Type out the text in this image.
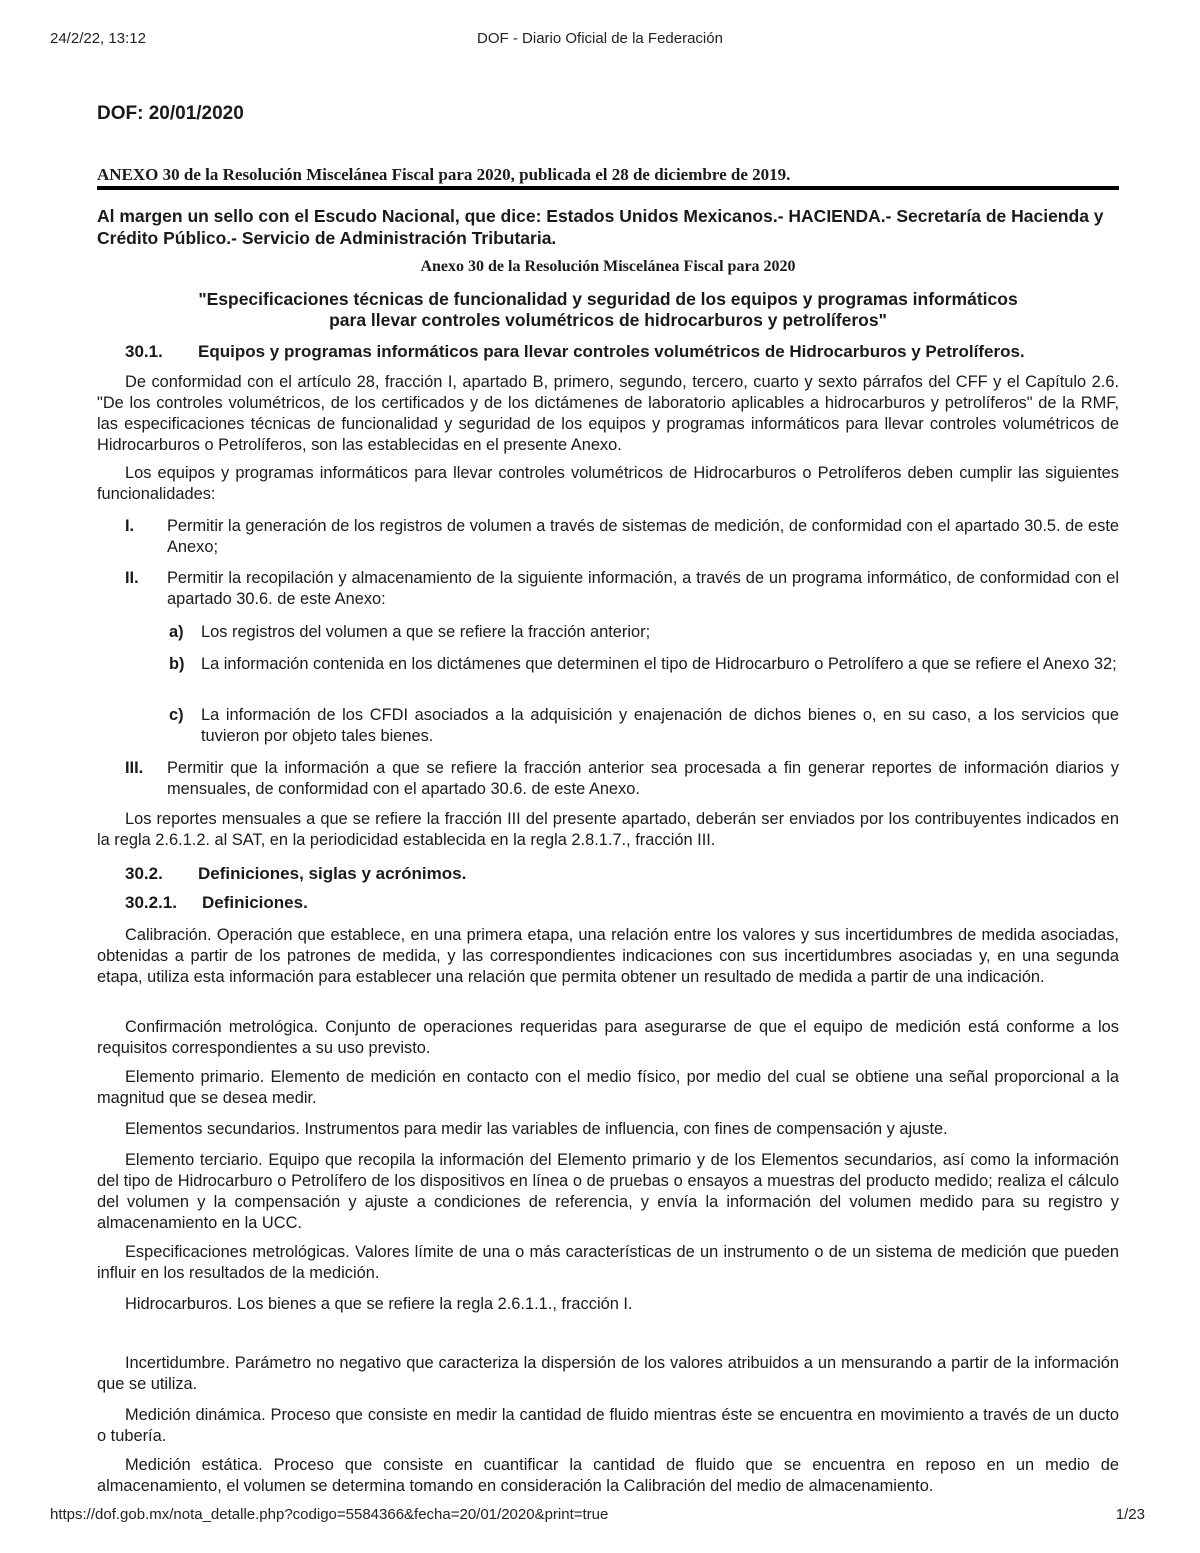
24/2/22, 13:12	DOF - Diario Oficial de la Federación
DOF: 20/01/2020
ANEXO 30 de la Resolución Miscelánea Fiscal para 2020, publicada el 28 de diciembre de 2019.
Al margen un sello con el Escudo Nacional, que dice: Estados Unidos Mexicanos.- HACIENDA.- Secretaría de Hacienda y Crédito Público.- Servicio de Administración Tributaria.
Anexo 30 de la Resolución Miscelánea Fiscal para 2020
"Especificaciones técnicas de funcionalidad y seguridad de los equipos y programas informáticos
para llevar controles volumétricos de hidrocarburos y petrolíferos"
30.1. Equipos y programas informáticos para llevar controles volumétricos de Hidrocarburos y Petrolíferos.
De conformidad con el artículo 28, fracción I, apartado B, primero, segundo, tercero, cuarto y sexto párrafos del CFF y el Capítulo 2.6. "De los controles volumétricos, de los certificados y de los dictámenes de laboratorio aplicables a hidrocarburos y petrolíferos" de la RMF, las especificaciones técnicas de funcionalidad y seguridad de los equipos y programas informáticos para llevar controles volumétricos de Hidrocarburos o Petrolíferos, son las establecidas en el presente Anexo.
Los equipos y programas informáticos para llevar controles volumétricos de Hidrocarburos o Petrolíferos deben cumplir las siguientes funcionalidades:
I. Permitir la generación de los registros de volumen a través de sistemas de medición, de conformidad con el apartado 30.5. de este Anexo;
II. Permitir la recopilación y almacenamiento de la siguiente información, a través de un programa informático, de conformidad con el apartado 30.6. de este Anexo:
a) Los registros del volumen a que se refiere la fracción anterior;
b) La información contenida en los dictámenes que determinen el tipo de Hidrocarburo o Petrolífero a que se refiere el Anexo 32;
c) La información de los CFDI asociados a la adquisición y enajenación de dichos bienes o, en su caso, a los servicios que tuvieron por objeto tales bienes.
III. Permitir que la información a que se refiere la fracción anterior sea procesada a fin generar reportes de información diarios y mensuales, de conformidad con el apartado 30.6. de este Anexo.
Los reportes mensuales a que se refiere la fracción III del presente apartado, deberán ser enviados por los contribuyentes indicados en la regla 2.6.1.2. al SAT, en la periodicidad establecida en la regla 2.8.1.7., fracción III.
30.2. Definiciones, siglas y acrónimos.
30.2.1. Definiciones.
Calibración. Operación que establece, en una primera etapa, una relación entre los valores y sus incertidumbres de medida asociadas, obtenidas a partir de los patrones de medida, y las correspondientes indicaciones con sus incertidumbres asociadas y, en una segunda etapa, utiliza esta información para establecer una relación que permita obtener un resultado de medida a partir de una indicación.
Confirmación metrológica. Conjunto de operaciones requeridas para asegurarse de que el equipo de medición está conforme a los requisitos correspondientes a su uso previsto.
Elemento primario. Elemento de medición en contacto con el medio físico, por medio del cual se obtiene una señal proporcional a la magnitud que se desea medir.
Elementos secundarios. Instrumentos para medir las variables de influencia, con fines de compensación y ajuste.
Elemento terciario. Equipo que recopila la información del Elemento primario y de los Elementos secundarios, así como la información del tipo de Hidrocarburo o Petrolífero de los dispositivos en línea o de pruebas o ensayos a muestras del producto medido; realiza el cálculo del volumen y la compensación y ajuste a condiciones de referencia, y envía la información del volumen medido para su registro y almacenamiento en la UCC.
Especificaciones metrológicas. Valores límite de una o más características de un instrumento o de un sistema de medición que pueden influir en los resultados de la medición.
Hidrocarburos. Los bienes a que se refiere la regla 2.6.1.1., fracción I.
Incertidumbre. Parámetro no negativo que caracteriza la dispersión de los valores atribuidos a un mensurando a partir de la información que se utiliza.
Medición dinámica. Proceso que consiste en medir la cantidad de fluido mientras éste se encuentra en movimiento a través de un ducto o tubería.
Medición estática. Proceso que consiste en cuantificar la cantidad de fluido que se encuentra en reposo en un medio de almacenamiento, el volumen se determina tomando en consideración la Calibración del medio de almacenamiento.
https://dof.gob.mx/nota_detalle.php?codigo=5584366&fecha=20/01/2020&print=true	1/23
